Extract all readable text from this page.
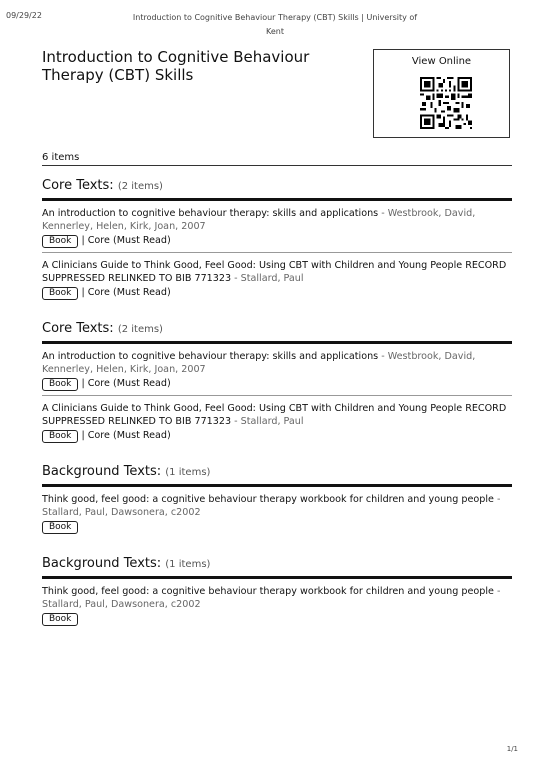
09/29/22	Introduction to Cognitive Behaviour Therapy (CBT) Skills | University of Kent
Introduction to Cognitive Behaviour Therapy (CBT) Skills
View Online
6 items
Core Texts: (2 items)
An introduction to cognitive behaviour therapy: skills and applications - Westbrook, David, Kennerley, Helen, Kirk, Joan, 2007
Book | Core (Must Read)
A Clinicians Guide to Think Good, Feel Good: Using CBT with Children and Young People RECORD SUPPRESSED RELINKED TO BIB 771323 - Stallard, Paul
Book | Core (Must Read)
Core Texts: (2 items)
An introduction to cognitive behaviour therapy: skills and applications - Westbrook, David, Kennerley, Helen, Kirk, Joan, 2007
Book | Core (Must Read)
A Clinicians Guide to Think Good, Feel Good: Using CBT with Children and Young People RECORD SUPPRESSED RELINKED TO BIB 771323 - Stallard, Paul
Book | Core (Must Read)
Background Texts: (1 items)
Think good, feel good: a cognitive behaviour therapy workbook for children and young people - Stallard, Paul, Dawsonera, c2002
Book
Background Texts: (1 items)
Think good, feel good: a cognitive behaviour therapy workbook for children and young people - Stallard, Paul, Dawsonera, c2002
Book
1/1
